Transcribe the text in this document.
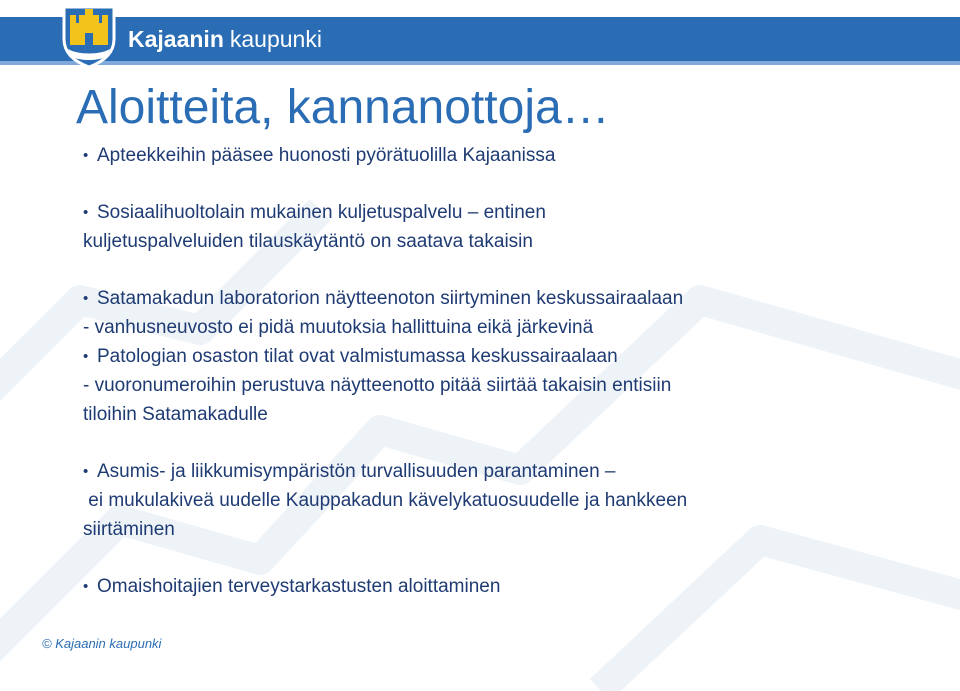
Kajaanin kaupunki
Aloitteita, kannanottoja…

• Apteekkeihin pääsee huonosti pyörätuolilla Kajaanissa

• Sosiaalihuoltolain mukainen kuljetuspalvelu – entinen
kuljetuspalveluiden tilauskäytäntö on saatava takaisin

• Satamakadun laboratorion näytteenoton siirtyminen keskussairaalaan
- vanhusneuvosto ei pidä muutoksia hallittuina eikä järkevinä

• Patologian osaston tilat ovat valmistumassa keskussairaalaan
- vuoronumeroihin perustuva näytteenotto pitää siirtää takaisin entisiin
tiloihin Satamakadulle

• Asumis- ja liikkumisympäristön turvallisuuden parantaminen –
ei mukulakiveä uudelle Kauppakadun kävelykatuosuudelle ja hankkeen
siirtäminen

• Omaishoitajien terveystarkastusten aloittaminen

© Kajaanin kaupunki
